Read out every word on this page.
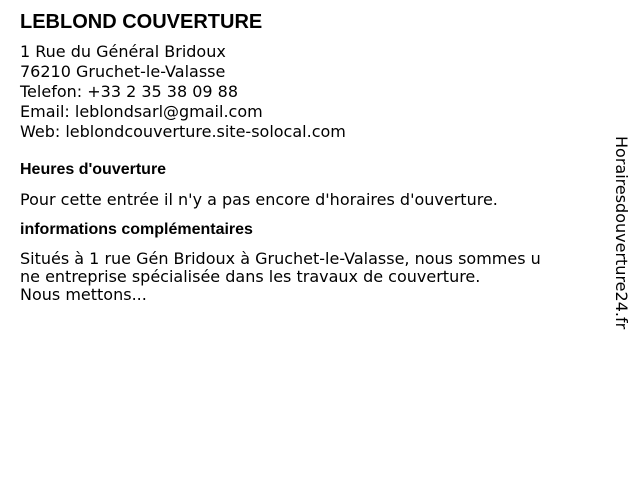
LEBLOND COUVERTURE
1 Rue du Général Bridoux
76210 Gruchet-le-Valasse
Telefon: +33 2 35 38 09 88
Email: leblondsarl@gmail.com
Web: leblondcouverture.site-solocal.com
Heures d'ouverture
Pour cette entrée il n'y a pas encore d'horaires d'ouverture.
informations complémentaires
Situés à 1 rue Gén Bridoux à Gruchet-le-Valasse, nous sommes u
ne entreprise spécialisée dans les travaux de couverture.
Nous mettons...	Horairesdouverture24.fr
